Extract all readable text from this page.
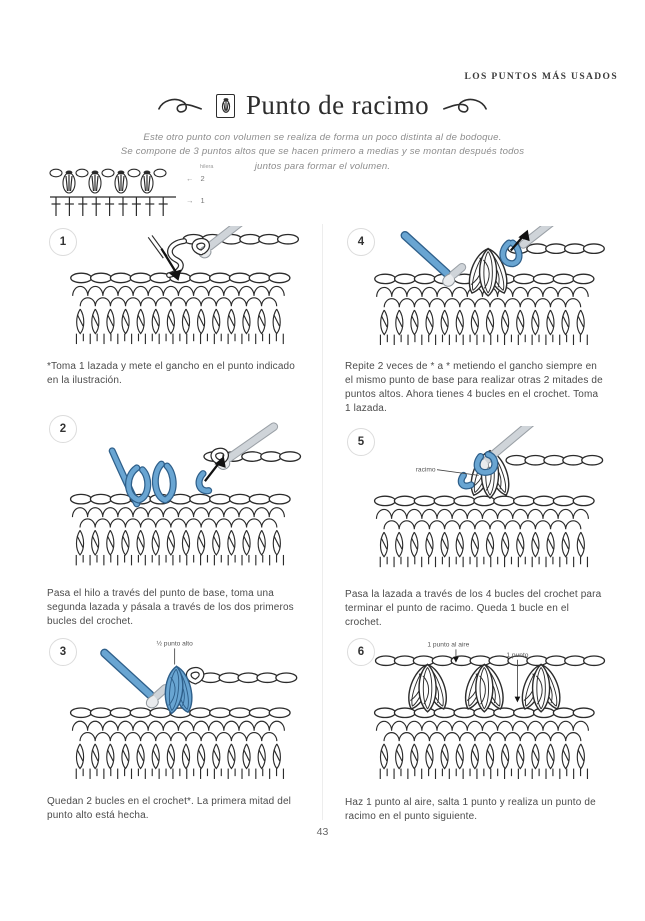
LOS PUNTOS MÁS USADOS
Punto de racimo
Este otro punto con volumen se realiza de forma un poco distinta al de bodoque.
Se compone de 3 puntos altos que se hacen primero a medias y se montan después todos
juntos para formar el volumen.
hilera
← 2
→ 1
1
*Toma 1 lazada y mete el gancho en el punto indicado en la ilustración.
4
Repite 2 veces de * a * metiendo el gancho siempre en el mismo punto de base para realizar otras 2 mitades de puntos altos. Ahora tienes 4 bucles en el crochet. Toma 1 lazada.
2
Pasa el hilo a través del punto de base, toma una segunda lazada y pásala a través de los dos primeros bucles del crochet.
5
racimo
Pasa la lazada a través de los 4 bucles del crochet para terminar el punto de racimo. Queda 1 bucle en el crochet.
3
½ punto alto
Quedan 2 bucles en el crochet*. La primera mitad del punto alto está hecha.
6
1 punto al aire
1 punto
Haz 1 punto al aire, salta 1 punto y realiza un punto de racimo en el punto siguiente.
43
